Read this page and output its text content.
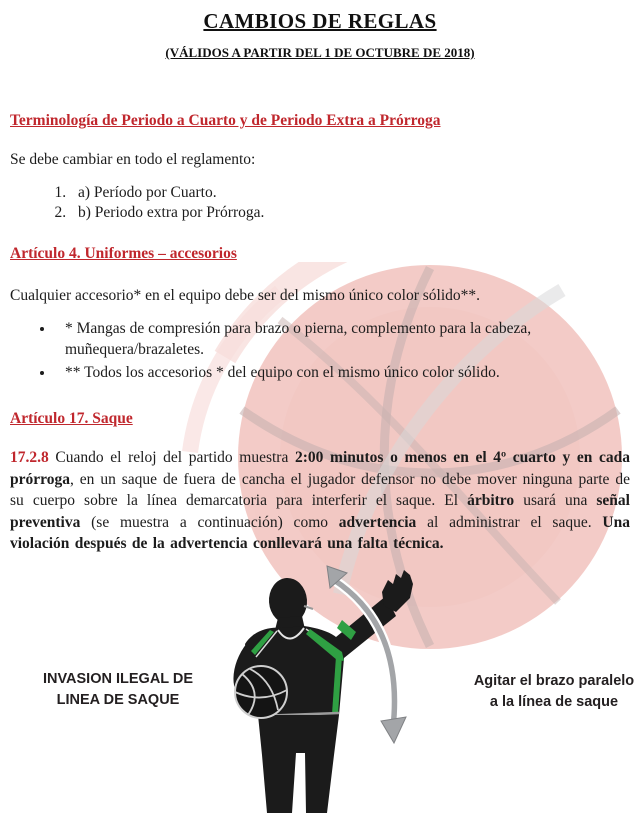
CAMBIOS DE REGLAS
(VÁLIDOS A PARTIR DEL 1 DE OCTUBRE DE 2018)
Terminología de Periodo a Cuarto y de Periodo Extra a Prórroga
Se debe cambiar en todo el reglamento:
1. a) Período por Cuarto.
2. b) Periodo extra por Prórroga.
Artículo 4. Uniformes – accesorios
Cualquier accesorio* en el equipo debe ser del mismo único color sólido**.
• * Mangas de compresión para brazo o pierna, complemento para la cabeza, muñequera/brazaletes.
• ** Todos los accesorios * del equipo con el mismo único color sólido.
Artículo 17. Saque
17.2.8 Cuando el reloj del partido muestra 2:00 minutos o menos en el 4º cuarto y en cada prórroga, en un saque de fuera de cancha el jugador defensor no debe mover ninguna parte de su cuerpo sobre la línea demarcatoria para interferir el saque. El árbitro usará una señal preventiva (se muestra a continuación) como advertencia al administrar el saque. Una violación después de la advertencia conllevará una falta técnica.
INVASION ILEGAL DE
LINEA DE SAQUE
Agitar el brazo paralelo
a la línea de saque
